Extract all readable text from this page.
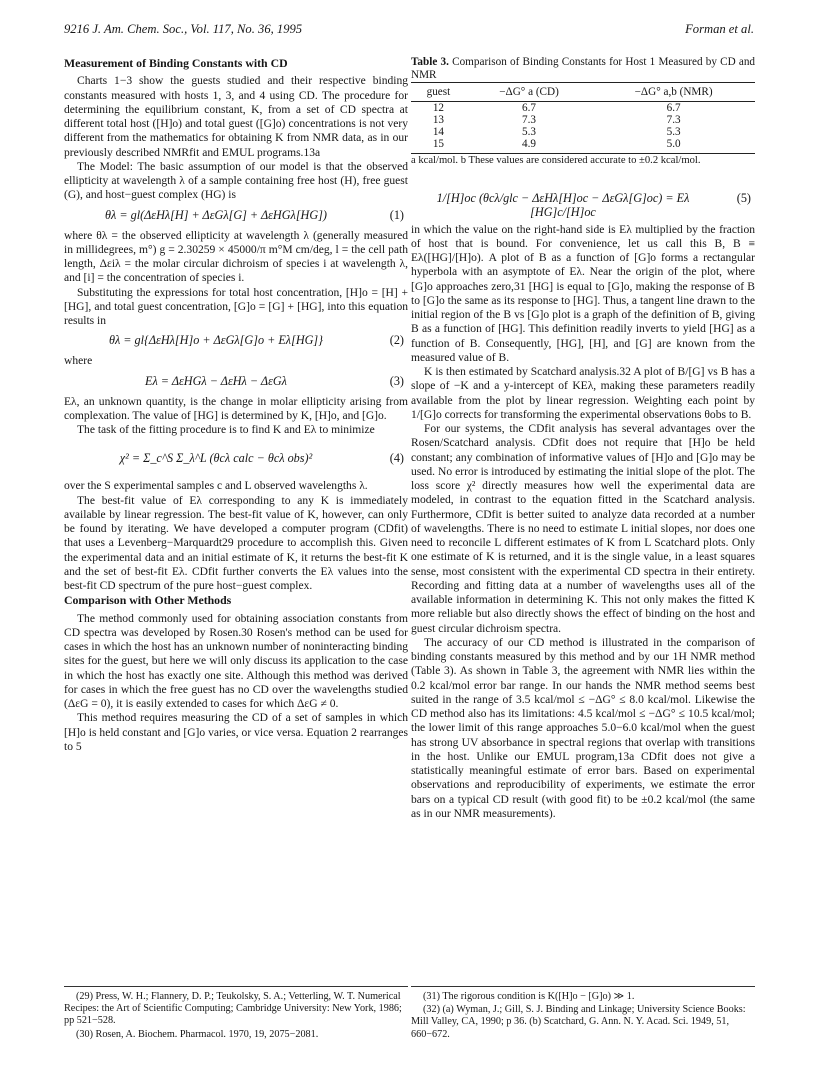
9216 J. Am. Chem. Soc., Vol. 117, No. 36, 1995	Forman et al.
Measurement of Binding Constants with CD

Charts 1−3 show the guests studied and their respective binding constants measured with hosts 1, 3, and 4 using CD. The procedure for determining the equilibrium constant, K, from a set of CD spectra at different total host ([H]o) and total guest ([G]o) concentrations is not very different from the mathematics for obtaining K from NMR data, as in our previously described NMRfit and EMUL programs.13a

The Model: The basic assumption of our model is that the observed ellipticity at wavelength λ of a sample containing free host (H), free guest (G), and host−guest complex (HG) is

θλ = gl(ΔεHλ[H] + ΔεGλ[G] + ΔεHGλ[HG])	(1)

where θλ = the observed ellipticity at wavelength λ (generally measured in millidegrees, m°) g = 2.30259 × 45000/π m°M cm/deg, l = the cell path length, Δεiλ = the molar circular dichroism of species i at wavelength λ, and [i] = the concentration of species i.

Substituting the expressions for total host concentration, [H]o = [H] + [HG], and total guest concentration, [G]o = [G] + [HG], into this equation results in

θλ = gl{ΔεHλ[H]o + ΔεGλ[G]o + Eλ[HG]}	(2)

where

Eλ = ΔεHGλ − ΔεHλ − ΔεGλ	(3)

Eλ, an unknown quantity, is the change in molar ellipticity arising from complexation. The value of [HG] is determined by K, [H]o, and [G]o.

The task of the fitting procedure is to find K and Eλ to minimize

χ² = Σ_c^S Σ_λ^L (θcλ calc − θcλ obs)²	(4)

over the S experimental samples c and L observed wavelengths λ.

The best-fit value of Eλ corresponding to any K is immediately available by linear regression. The best-fit value of K, however, can only be found by iterating. We have developed a computer program (CDfit) that uses a Levenberg−Marquardt29 procedure to accomplish this. Given the experimental data and an initial estimate of K, it returns the best-fit K and the set of best-fit Eλ. CDfit further converts the Eλ values into the best-fit CD spectrum of the pure host−guest complex.

Comparison with Other Methods

The method commonly used for obtaining association constants from CD spectra was developed by Rosen.30 Rosen's method can be used for cases in which the host has an unknown number of noninteracting binding sites for the guest, but here we will only discuss its application to the case in which the host has exactly one site. Although this method was derived for cases in which the free guest has no CD over the wavelengths studied (ΔεG = 0), it is easily extended to cases for which ΔεG ≠ 0.

This method requires measuring the CD of a set of samples in which [H]o is held constant and [G]o varies, or vice versa. Equation 2 rearranges to 5

Table 3. Comparison of Binding Constants for Host 1 Measured by CD and NMR

guest	−ΔG° a (CD)	−ΔG° a,b (NMR)
12	6.7	6.7
13	7.3	7.3
14	5.3	5.3
15	4.9	5.0

a kcal/mol. b These values are considered accurate to ±0.2 kcal/mol.

1/[H]oc (θcλ/glc − ΔεHλ[H]oc − ΔεGλ[G]oc) = Eλ [HG]c/[H]oc
(5)

in which the value on the right-hand side is Eλ multiplied by the fraction of host that is bound. For convenience, let us call this B, B ≡ Eλ([HG]/[H]o). A plot of B as a function of [G]o forms a rectangular hyperbola with an asymptote of Eλ. Near the origin of the plot, where [G]o approaches zero,31 [HG] is equal to [G]o, making the response of B to [G]o the same as its response to [HG]. Thus, a tangent line drawn to the initial region of the B vs [G]o plot is a graph of the definition of B, giving B as a function of [HG]. This definition readily inverts to yield [HG] as a function of B. Consequently, [HG], [H], and [G] are known from the measured value of B.

K is then estimated by Scatchard analysis.32 A plot of B/[G] vs B has a slope of −K and a y-intercept of KEλ, making these parameters readily available from the plot by linear regression. Weighting each point by 1/[G]o corrects for transforming the experimental observations θobs to B.

For our systems, the CDfit analysis has several advantages over the Rosen/Scatchard analysis. CDfit does not require that [H]o be held constant; any combination of informative values of [H]o and [G]o may be used. No error is introduced by estimating the initial slope of the plot. The loss score χ² directly measures how well the experimental data are modeled, in contrast to the equation fitted in the Scatchard analysis. Furthermore, CDfit is better suited to analyze data recorded at a number of wavelengths. There is no need to estimate L initial slopes, nor does one need to reconcile L different estimates of K from L Scatchard plots. Only one estimate of K is returned, and it is the single value, in a least squares sense, most consistent with the experimental CD spectra in their entirety. Recording and fitting data at a number of wavelengths uses all of the available information in determining K. This not only makes the fitted K more reliable but also directly shows the effect of binding on the host and guest circular dichroism spectra.

The accuracy of our CD method is illustrated in the comparison of binding constants measured by this method and by our 1H NMR method (Table 3). As shown in Table 3, the agreement with NMR lies within the 0.2 kcal/mol error bar range. In our hands the NMR method seems best suited in the range of 3.5 kcal/mol ≤ −ΔG° ≤ 8.0 kcal/mol. Likewise the CD method also has its limitations: 4.5 kcal/mol ≤ −ΔG° ≤ 10.5 kcal/mol; the lower limit of this range approaches 5.0−6.0 kcal/mol when the guest has strong UV absorbance in spectral regions that overlap with transitions in the host. Unlike our EMUL program,13a CDfit does not give a statistically meaningful estimate of error bars. Based on experimental observations and reproducibility of experiments, we estimate the error bars on a typical CD result (with good fit) to be ±0.2 kcal/mol (the same as in our NMR measurements).

(29) Press, W. H.; Flannery, D. P.; Teukolsky, S. A.; Vetterling, W. T. Numerical Recipes: the Art of Scientific Computing; Cambridge University: New York, 1986; pp 521−528.

(30) Rosen, A. Biochem. Pharmacol. 1970, 19, 2075−2081.

(31) The rigorous condition is K([H]o − [G]o) ≫ 1.

(32) (a) Wyman, J.; Gill, S. J. Binding and Linkage; University Science Books: Mill Valley, CA, 1990; p 36. (b) Scatchard, G. Ann. N. Y. Acad. Sci. 1949, 51, 660−672.
